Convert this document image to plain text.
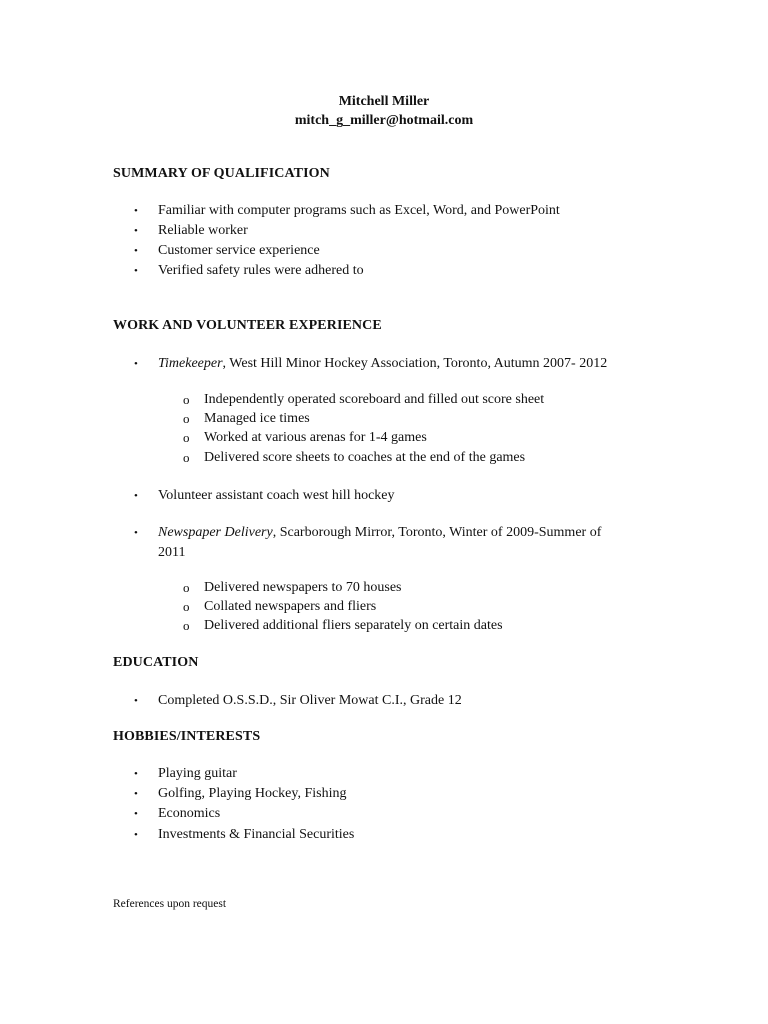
Mitchell Miller
mitch_g_miller@hotmail.com
SUMMARY OF QUALIFICATION
• Familiar with computer programs such as Excel, Word, and PowerPoint
• Reliable worker
• Customer service experience
• Verified safety rules were adhered to
WORK AND VOLUNTEER EXPERIENCE
• Timekeeper, West Hill Minor Hockey Association, Toronto, Autumn 2007- 2012
o Independently operated scoreboard and filled out score sheet
o Managed ice times
o Worked at various arenas for 1-4 games
o Delivered score sheets to coaches at the end of the games
• Volunteer assistant coach west hill hockey
• Newspaper Delivery, Scarborough Mirror, Toronto, Winter of 2009-Summer of
2011
o Delivered newspapers to 70 houses
o Collated newspapers and fliers
o Delivered additional fliers separately on certain dates
EDUCATION
• Completed O.S.S.D., Sir Oliver Mowat C.I., Grade 12
HOBBIES/INTERESTS
• Playing guitar
• Golfing, Playing Hockey, Fishing
• Economics
• Investments & Financial Securities
References upon request
